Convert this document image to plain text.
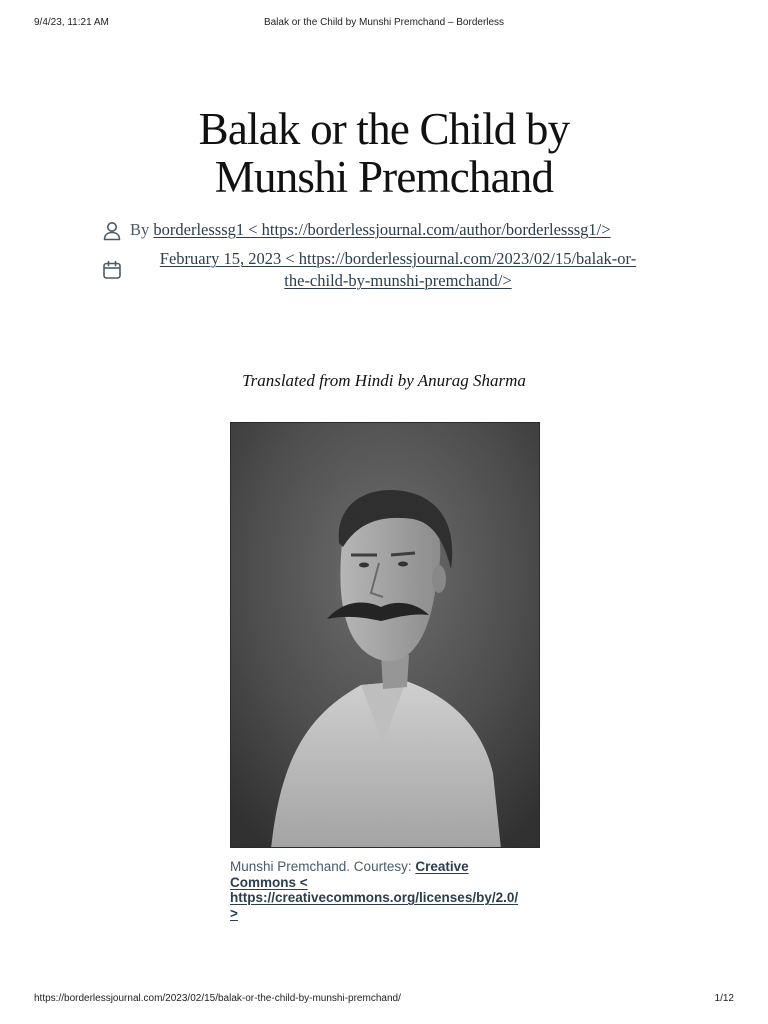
9/4/23, 11:21 AM	Balak or the Child by Munshi Premchand – Borderless
Balak or the Child by
Munshi Premchand
By borderlesssg1 < https://borderlessjournal.com/author/borderlesssg1/>
February 15, 2023 < https://borderlessjournal.com/2023/02/15/balak-or-
the-child-by-munshi-premchand/>
Translated from Hindi by Anurag Sharma
Munshi Premchand. Courtesy: Creative
Commons <
https://creativecommons.org/licenses/by/2.0/
>
https://borderlessjournal.com/2023/02/15/balak-or-the-child-by-munshi-premchand/	1/12
